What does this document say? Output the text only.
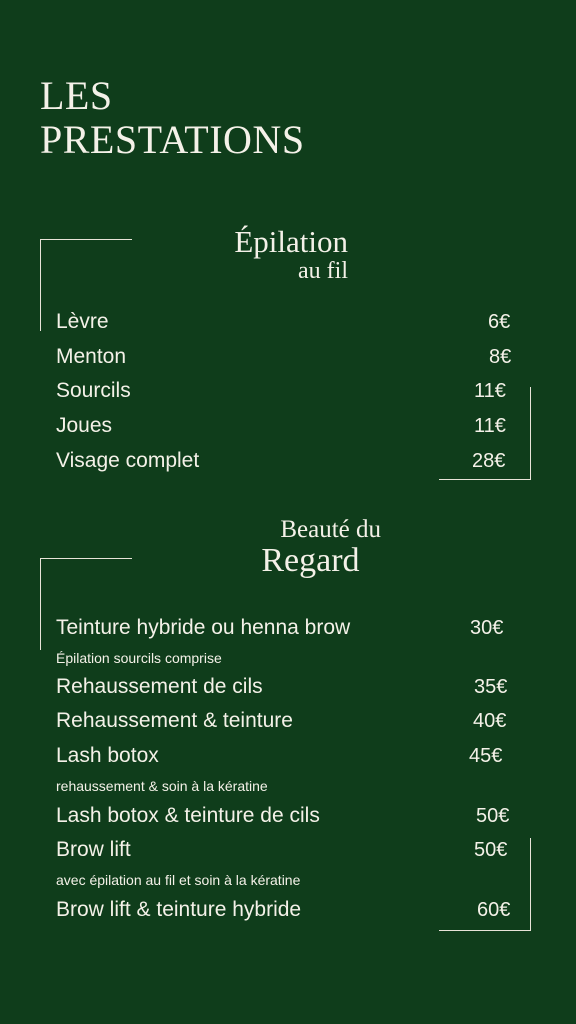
LES
PRESTATIONS
Épilation
au fil
Lèvre	6€
Menton	8€
Sourcils	11€
Joues	11€
Visage complet	28€
Beauté du
Regard
Teinture hybride ou henna brow	30€
Épilation sourcils comprise
Rehaussement de cils	35€
Rehaussement & teinture	40€
Lash botox	45€
rehaussement & soin à la kératine
Lash botox & teinture de cils	50€
Brow lift	50€
avec épilation au fil et soin à la kératine
Brow lift & teinture hybride	60€
